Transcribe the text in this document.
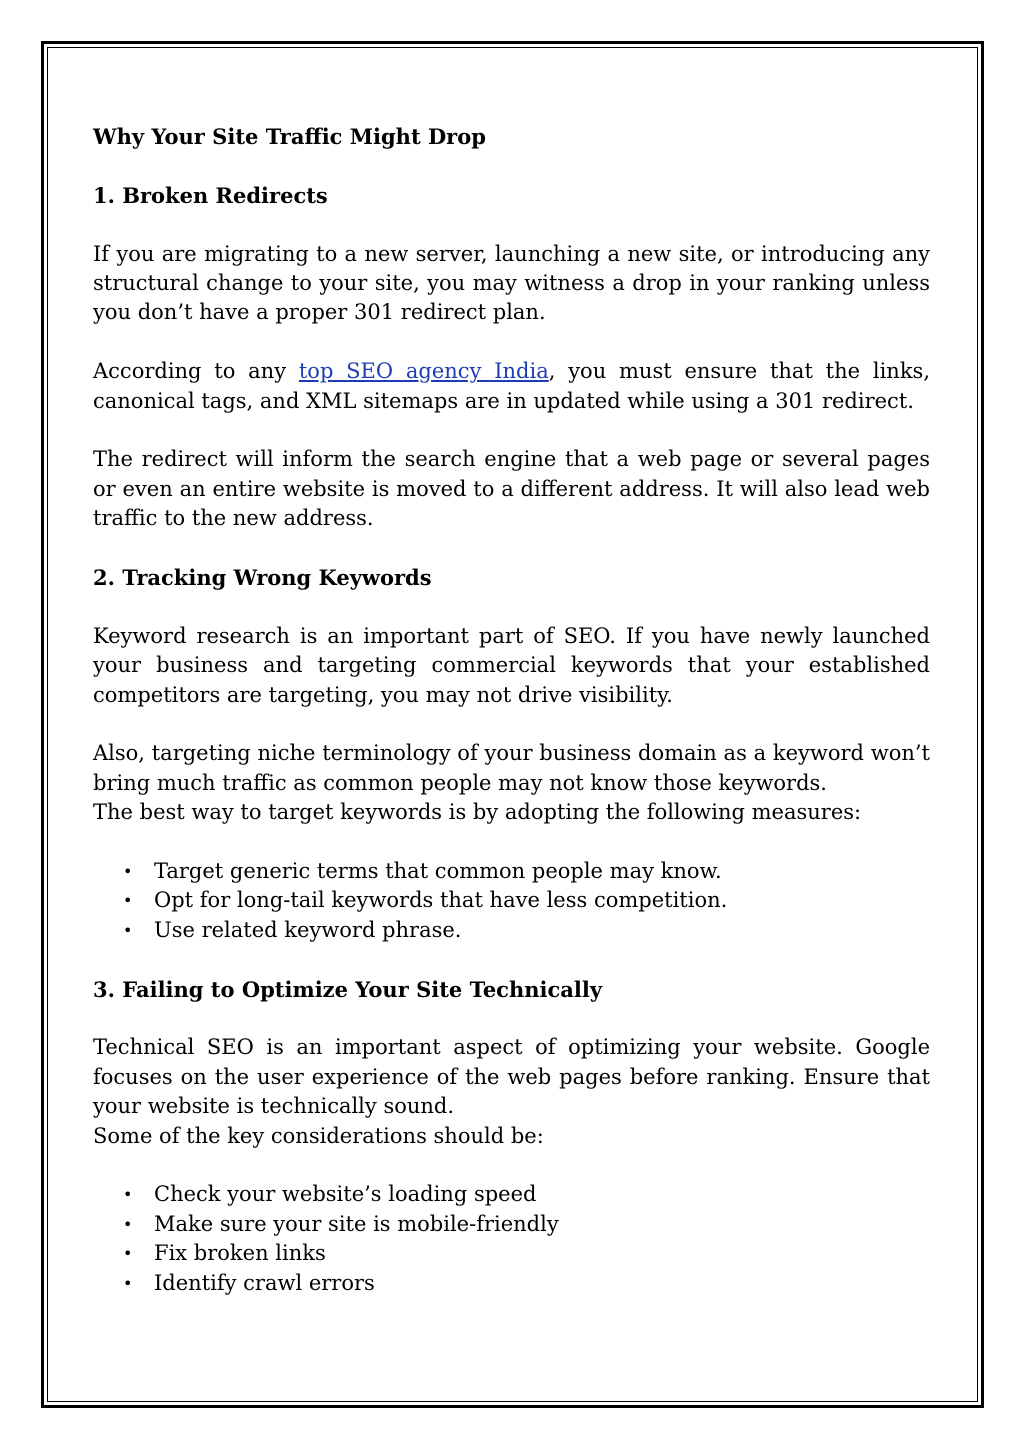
Why Your Site Traffic Might Drop
1. Broken Redirects

If you are migrating to a new server, launching a new site, or introducing any structural change to your site, you may witness a drop in your ranking unless you don’t have a proper 301 redirect plan.

According to any top SEO agency India, you must ensure that the links, canonical tags, and XML sitemaps are in updated while using a 301 redirect.

The redirect will inform the search engine that a web page or several pages or even an entire website is moved to a different address. It will also lead web traffic to the new address.

2. Tracking Wrong Keywords

Keyword research is an important part of SEO. If you have newly launched your business and targeting commercial keywords that your established competitors are targeting, you may not drive visibility.

Also, targeting niche terminology of your business domain as a keyword won’t bring much traffic as common people may not know those keywords.

The best way to target keywords is by adopting the following measures:

• Target generic terms that common people may know.
• Opt for long-tail keywords that have less competition.
• Use related keyword phrase.
3. Failing to Optimize Your Site Technically

Technical SEO is an important aspect of optimizing your website. Google focuses on the user experience of the web pages before ranking. Ensure that your website is technically sound.

Some of the key considerations should be:

• Check your website’s loading speed
• Make sure your site is mobile-friendly
• Fix broken links
• Identify crawl errors
